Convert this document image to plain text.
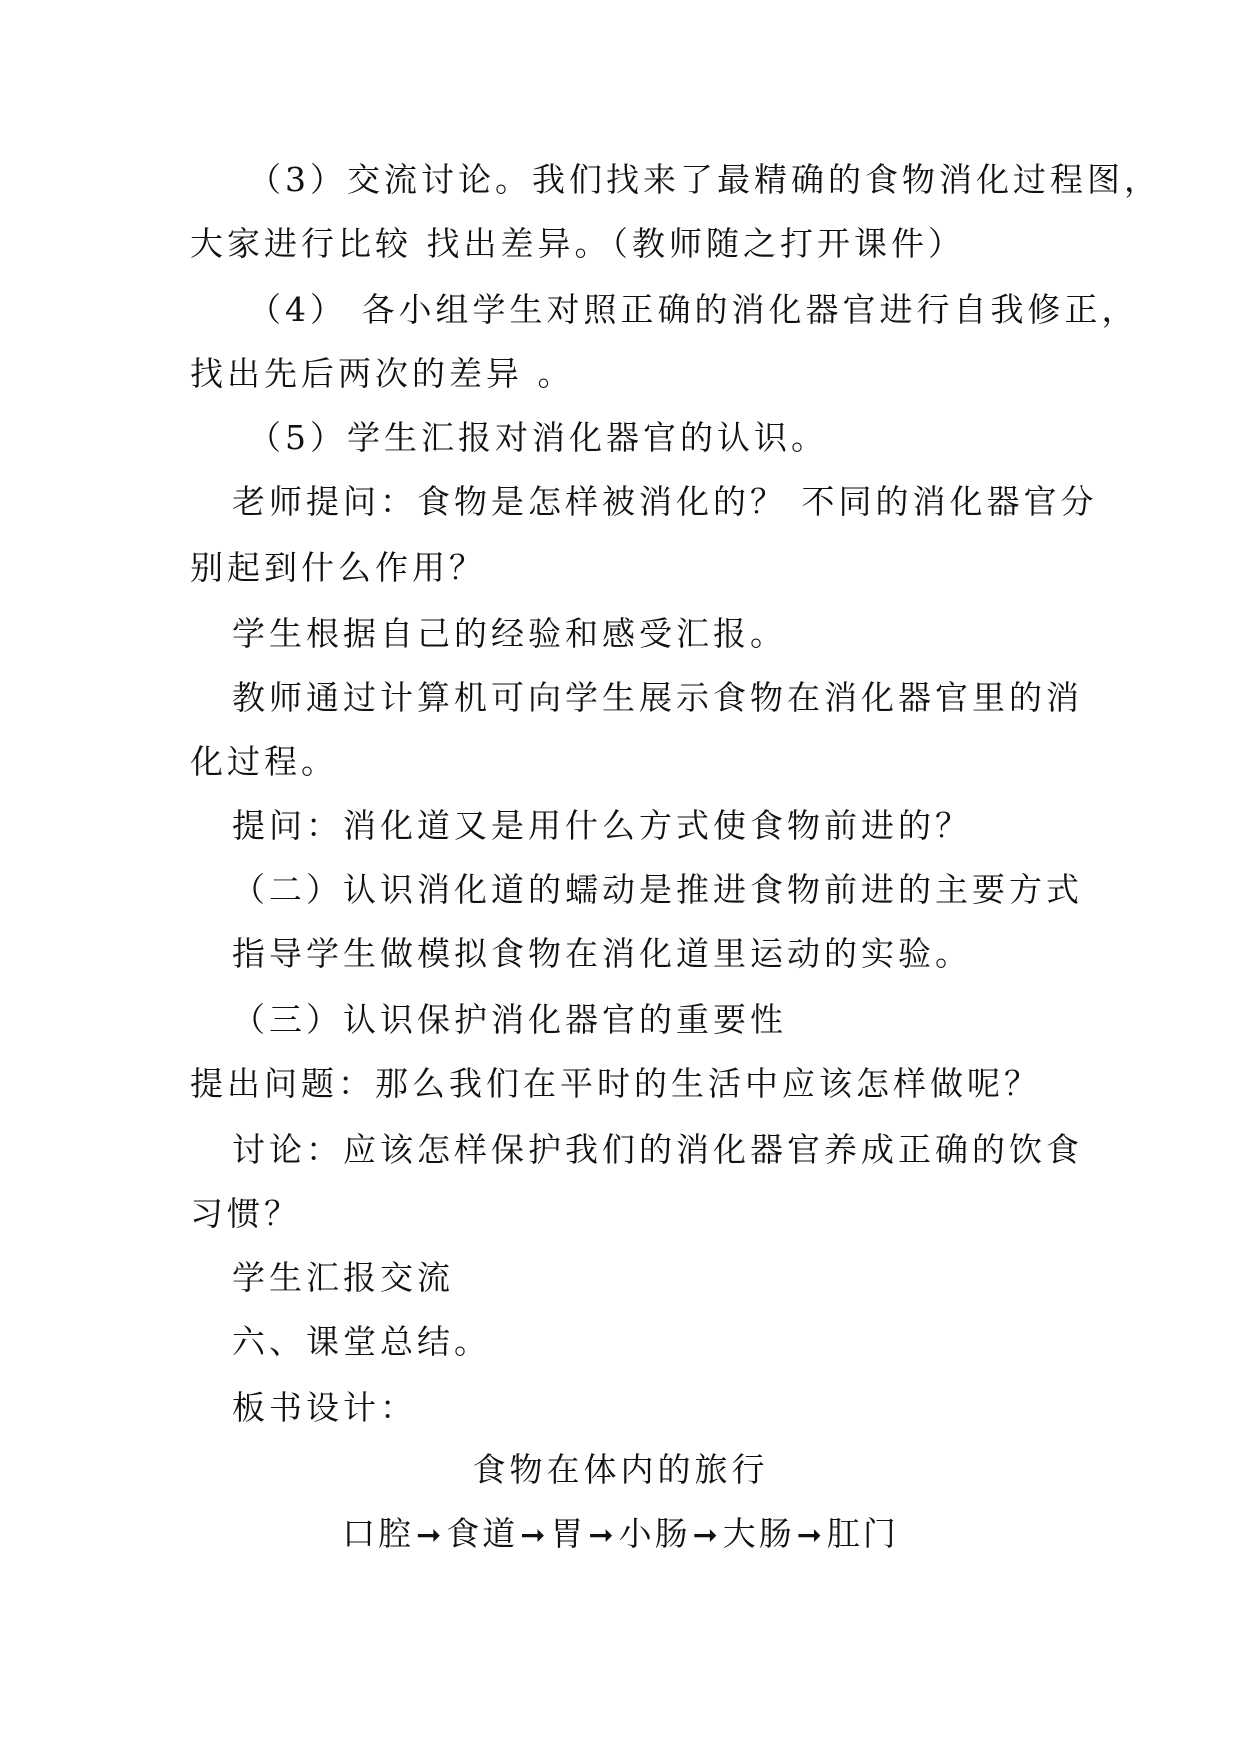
（3）交流讨论。我们找来了最精确的食物消化过程图，
大家进行比较 找出差异。（教师随之打开课件）
（4） 各小组学生对照正确的消化器官进行自我修正，
找出先后两次的差异 。
（5）学生汇报对消化器官的认识。
老师提问：食物是怎样被消化的？ 不同的消化器官分
别起到什么作用？
学生根据自己的经验和感受汇报。
教师通过计算机可向学生展示食物在消化器官里的消
化过程。
提问：消化道又是用什么方式使食物前进的？
（二）认识消化道的蠕动是推进食物前进的主要方式
指导学生做模拟食物在消化道里运动的实验。
（三）认识保护消化器官的重要性
提出问题：那么我们在平时的生活中应该怎样做呢？
讨论：应该怎样保护我们的消化器官养成正确的饮食
习惯？
学生汇报交流
六、课堂总结。
板书设计：
食物在体内的旅行
口腔➞食道➞胃➞小肠➞大肠➞肛门
